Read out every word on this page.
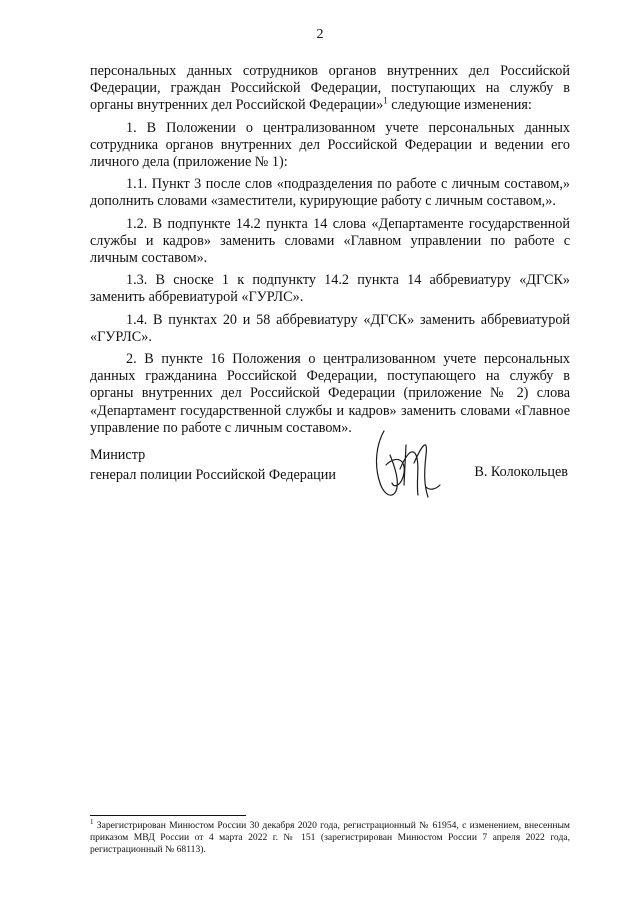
2

персональных данных сотрудников органов внутренних дел Российской Федерации, граждан Российской Федерации, поступающих на службу в органы внутренних дел Российской Федерации»$^1$ следующие изменения:

1. В Положении о централизованном учете персональных данных сотрудника органов внутренних дел Российской Федерации и ведении его личного дела (приложение № 1):

1.1. Пункт 3 после слов «подразделения по работе с личным составом,» дополнить словами «заместители, курирующие работу с личным составом,».

1.2. В подпункте 14.2 пункта 14 слова «Департаменте государственной службы и кадров» заменить словами «Главном управлении по работе с личным составом».

1.3. В сноске 1 к подпункту 14.2 пункта 14 аббревиатуру «ДГСК» заменить аббревиатурой «ГУРЛС».

1.4. В пунктах 20 и 58 аббревиатуру «ДГСК» заменить аббревиатурой «ГУРЛС».

2. В пункте 16 Положения о централизованном учете персональных данных гражданина Российской Федерации, поступающего на службу в органы внутренних дел Российской Федерации (приложение № 2) слова «Департамент государственной службы и кадров» заменить словами «Главное управление по работе с личным составом».

Министр
генерал полиции Российской Федерации	В. Колокольцев
$^1$ Зарегистрирован Минюстом России 30 декабря 2020 года, регистрационный № 61954, с изменением, внесенным приказом МВД России от 4 марта 2022 г. № 151 (зарегистрирован Минюстом России 7 апреля 2022 года, регистрационный № 68113).
